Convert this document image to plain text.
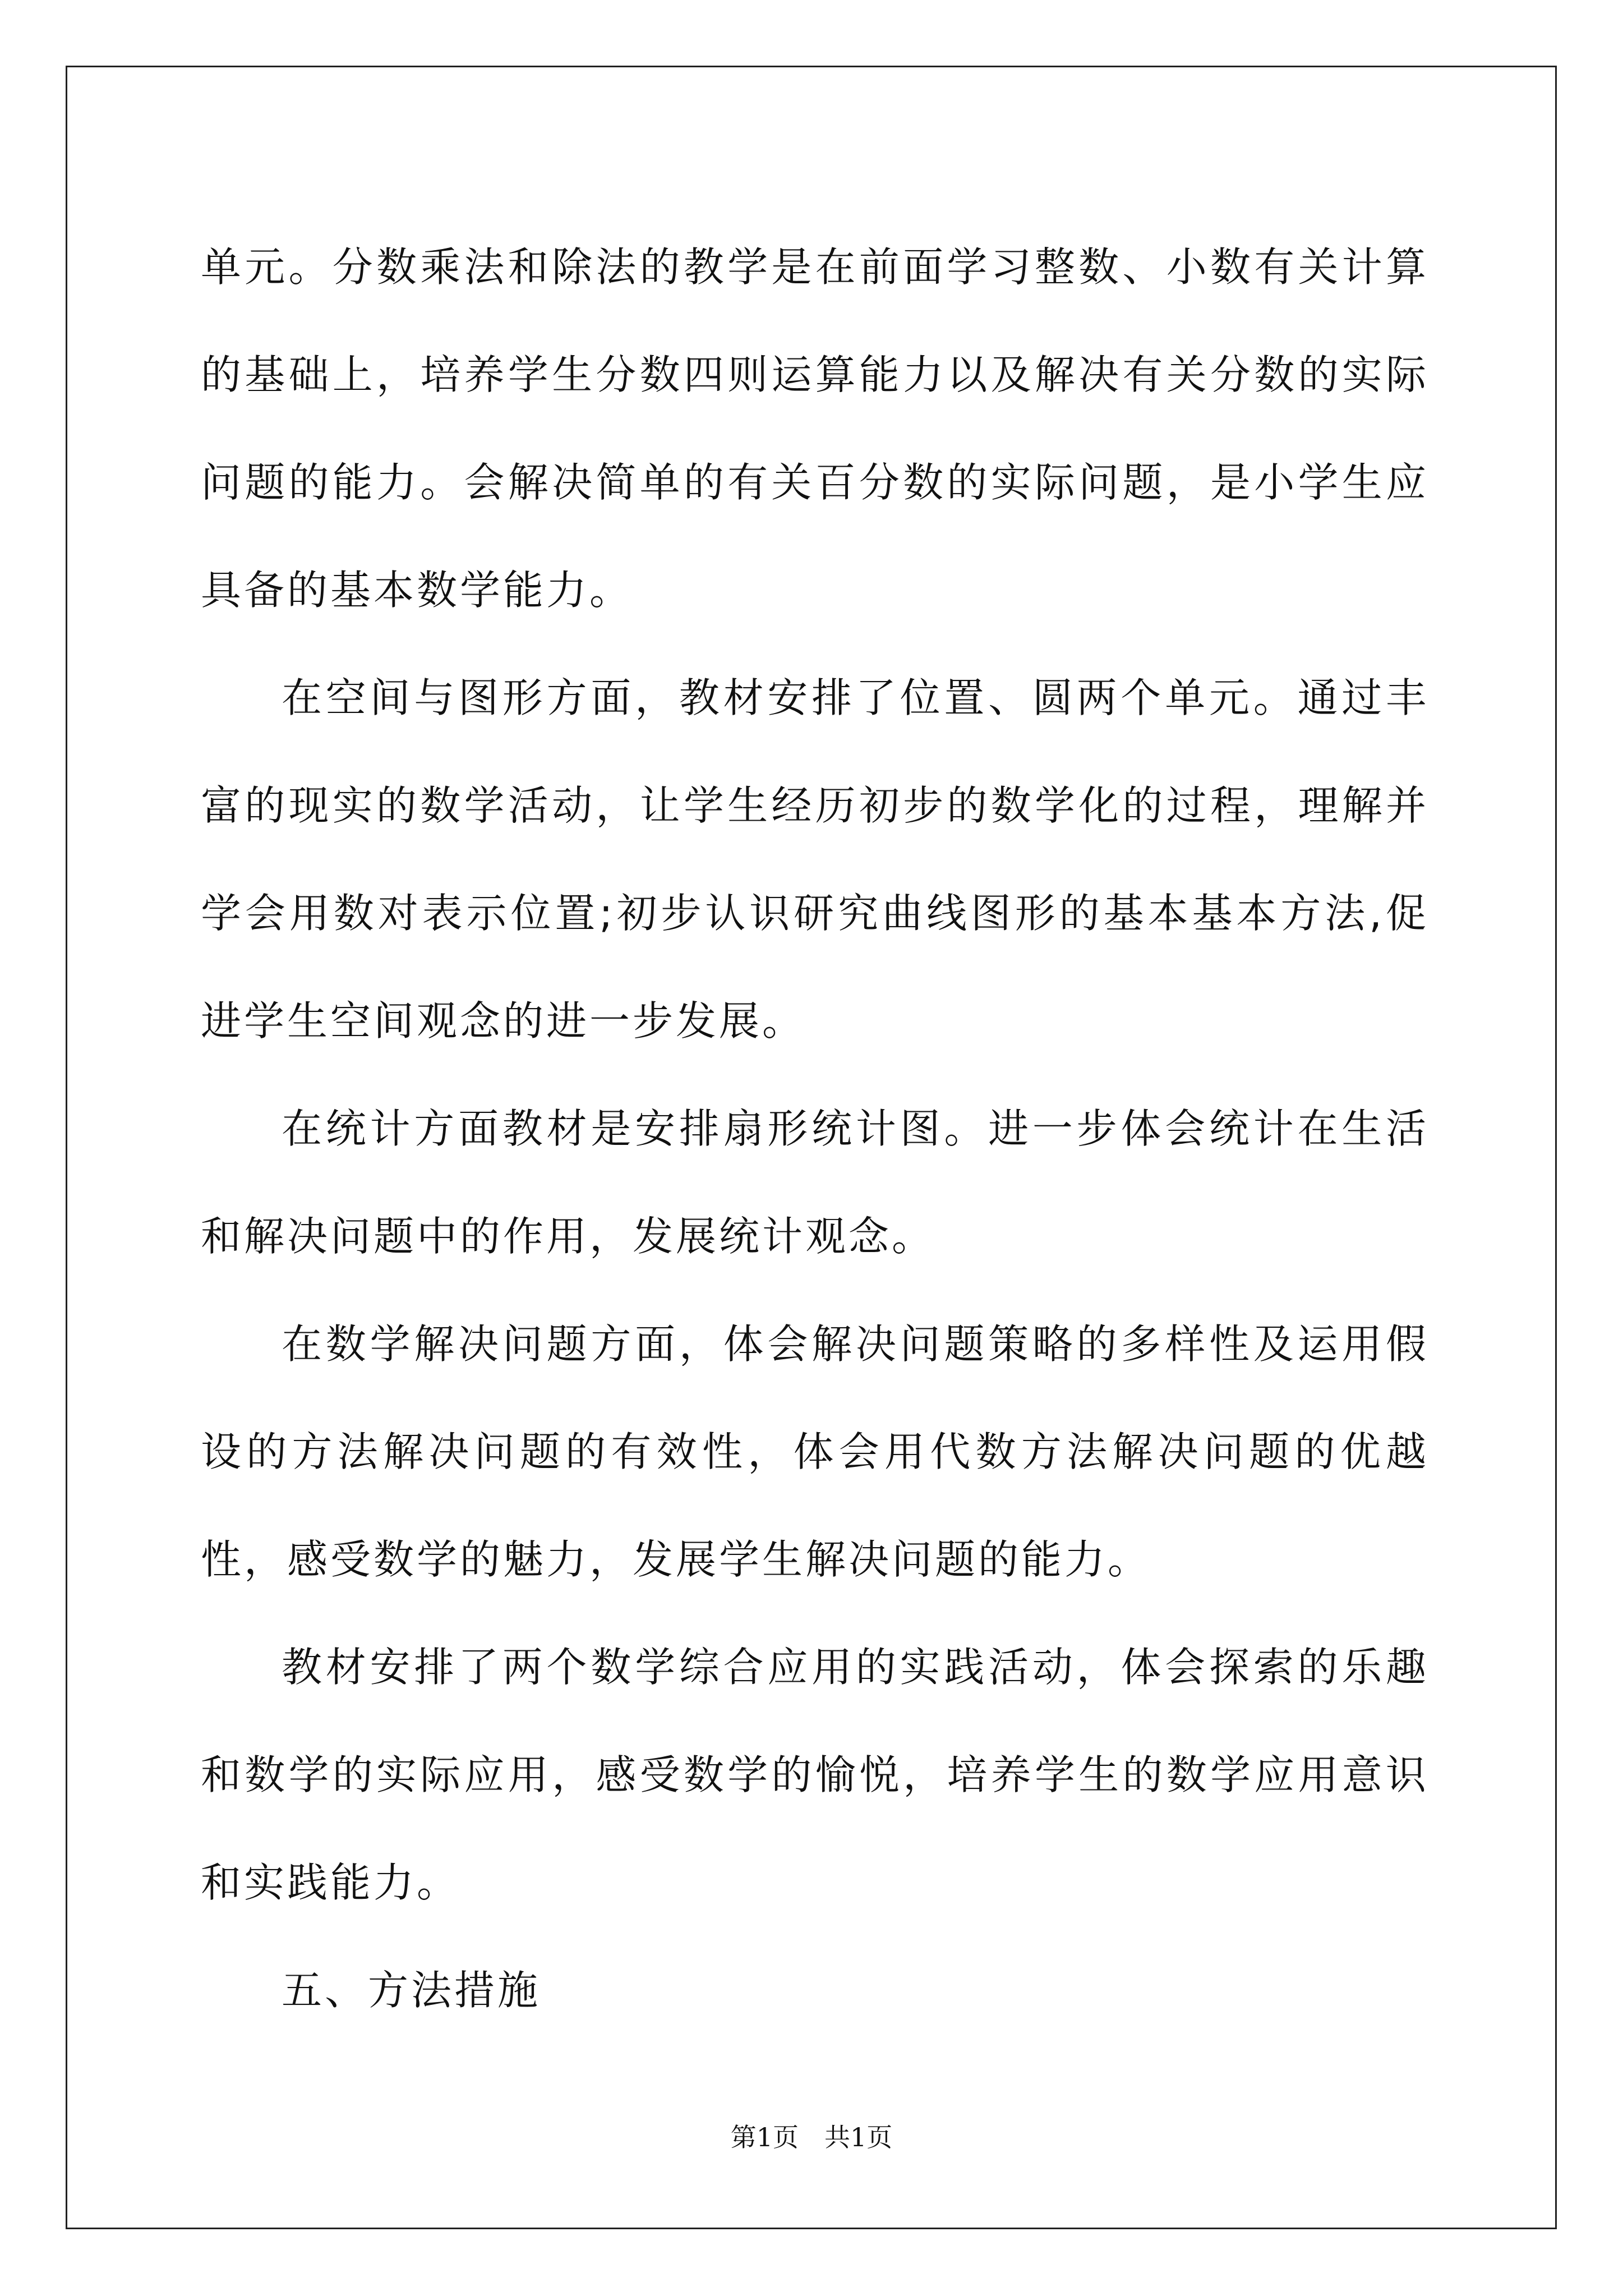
单元。分数乘法和除法的教学是在前面学习整数、小数有关计算的基础上，培养学生分数四则运算能力以及解决有关分数的实际问题的能力。会解决简单的有关百分数的实际问题，是小学生应具备的基本数学能力。

在空间与图形方面，教材安排了位置、圆两个单元。通过丰富的现实的数学活动，让学生经历初步的数学化的过程，理解并学会用数对表示位置;初步认识研究曲线图形的基本基本方法,促进学生空间观念的进一步发展。

在统计方面教材是安排扇形统计图。进一步体会统计在生活和解决问题中的作用，发展统计观念。

在数学解决问题方面，体会解决问题策略的多样性及运用假设的方法解决问题的有效性，体会用代数方法解决问题的优越性，感受数学的魅力，发展学生解决问题的能力。

教材安排了两个数学综合应用的实践活动，体会探索的乐趣和数学的实际应用，感受数学的愉悦，培养学生的数学应用意识和实践能力。

五、方法措施

第1页　共1页
